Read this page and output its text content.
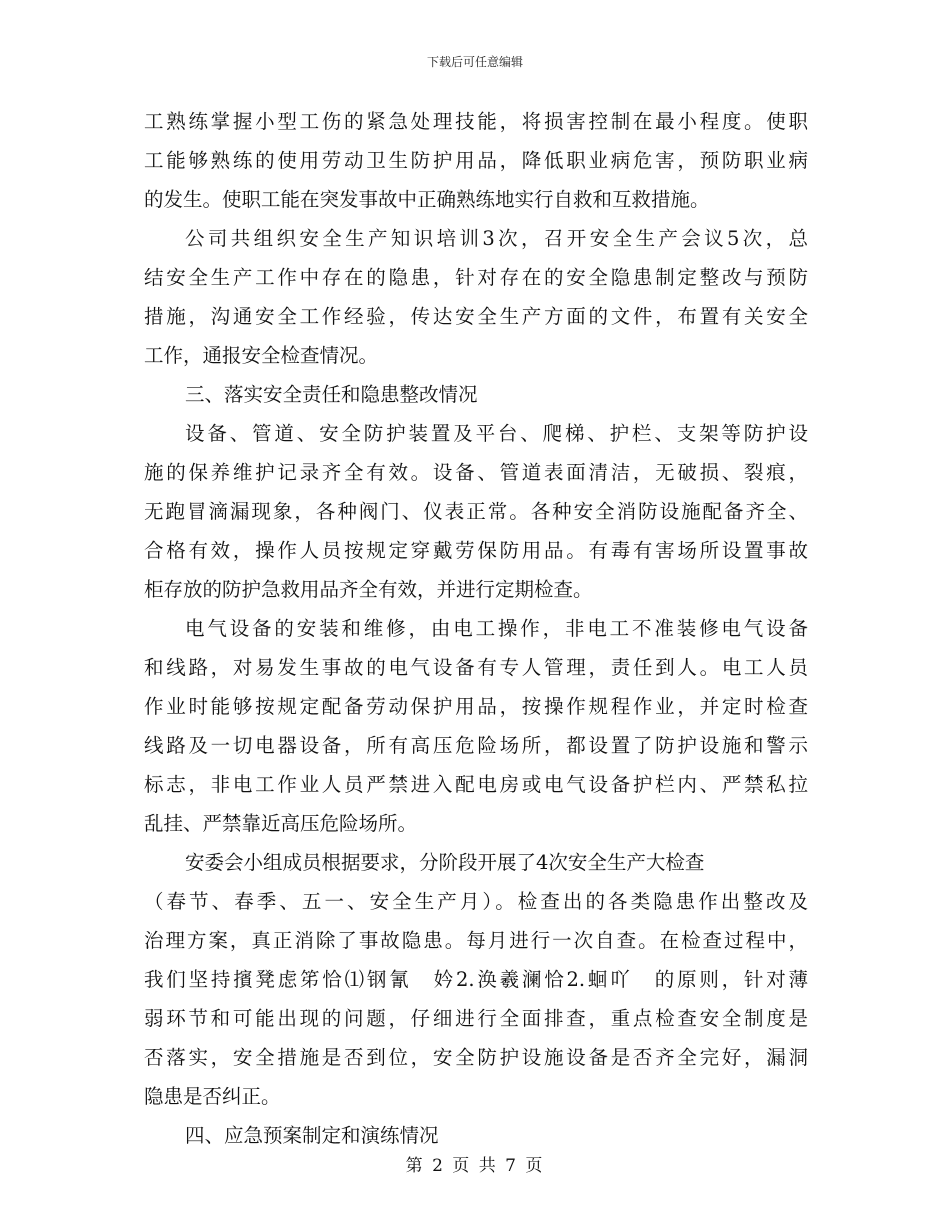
下载后可任意编辑
工熟练掌握小型工伤的紧急处理技能，将损害控制在最小程度。使职
工能够熟练的使用劳动卫生防护用品，降低职业病危害，预防职业病
的发生。使职工能在突发事故中正确熟练地实行自救和互救措施。
公司共组织安全生产知识培训3次，召开安全生产会议5次，总
结安全生产工作中存在的隐患，针对存在的安全隐患制定整改与预防
措施，沟通安全工作经验，传达安全生产方面的文件，布置有关安全
工作，通报安全检查情况。
三、落实安全责任和隐患整改情况
设备、管道、安全防护装置及平台、爬梯、护栏、支架等防护设
施的保养维护记录齐全有效。设备、管道表面清洁，无破损、裂痕，
无跑冒滴漏现象，各种阀门、仪表正常。各种安全消防设施配备齐全、
合格有效，操作人员按规定穿戴劳保防用品。有毒有害场所设置事故
柜存放的防护急救用品齐全有效，并进行定期检查。
电气设备的安装和维修，由电工操作，非电工不准装修电气设备
和线路，对易发生事故的电气设备有专人管理，责任到人。电工人员
作业时能够按规定配备劳动保护用品，按操作规程作业，并定时检查
线路及一切电器设备，所有高压危险场所，都设置了防护设施和警示
标志，非电工作业人员严禁进入配电房或电气设备护栏内、严禁私拉
乱挂、严禁靠近高压危险场所。
安委会小组成员根据要求，分阶段开展了4次安全生产大检查
（春节、春季、五一、安全生产月）。检查出的各类隐患作出整改及
治理方案，真正消除了事故隐患。每月进行一次自查。在检查过程中，
我们坚持擯凳虑笫恰⑴钢氰　妗2.涣羲澜恰2.蛔吖　的原则，针对薄
弱环节和可能出现的问题，仔细进行全面排查，重点检查安全制度是
否落实，安全措施是否到位，安全防护设施设备是否齐全完好，漏洞
隐患是否纠正。
四、应急预案制定和演练情况
第 2 页 共 7 页
